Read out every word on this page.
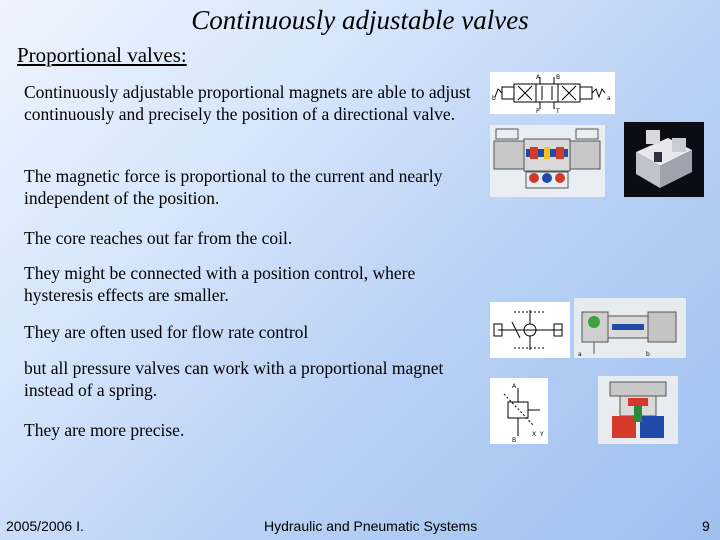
Continuously adjustable valves
Proportional valves:

Continuously adjustable proportional magnets are able to adjust continuously and precisely the position of a directional valve.

The magnetic force is proportional to the current and nearly independent of the position.

The core reaches out far from the coil.

They might be connected with a position control, where hysteresis effects are smaller.

They are often used for flow rate control

but all pressure valves can work with a proportional magnet instead of a spring.

They are more precise.

A	B
P	T
a
b
a	b
A
B
X Y
2005/2006 I.	Hydraulic and Pneumatic Systems	9
